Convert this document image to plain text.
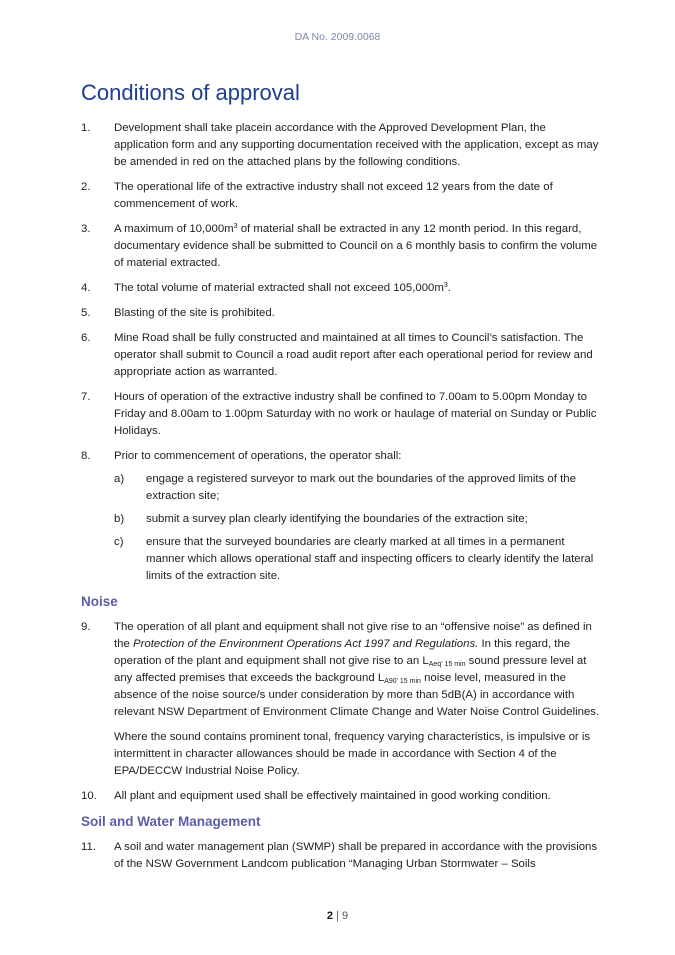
DA No. 2009.0068
Conditions of approval
1.	Development shall take placein accordance with the Approved Development Plan, the application form and any supporting documentation received with the application, except as may be amended in red on the attached plans by the following conditions.
2.	The operational life of the extractive industry shall not exceed 12 years from the date of commencement of work.
3.	A maximum of $10,000m^3$ of material shall be extracted in any 12 month period. In this regard, documentary evidence shall be submitted to Council on a 6 monthly basis to confirm the volume of material extracted.
4.	The total volume of material extracted shall not exceed $105,000m^3$.
5.	Blasting of the site is prohibited.
6.	Mine Road shall be fully constructed and maintained at all times to Council’s satisfaction. The operator shall submit to Council a road audit report after each operational period for review and appropriate action as warranted.
7.	Hours of operation of the extractive industry shall be confined to 7.00am to 5.00pm Monday to Friday and 8.00am to 1.00pm Saturday with no work or haulage of material on Sunday or Public Holidays.
8.	Prior to commencement of operations, the operator shall:
a)	engage a registered surveyor to mark out the boundaries of the approved limits of the extraction site;
b)	submit a survey plan clearly identifying the boundaries of the extraction site;
c)	ensure that the surveyed boundaries are clearly marked at all times in a permanent manner which allows operational staff and inspecting officers to clearly identify the lateral limits of the extraction site.
Noise
9.	The operation of all plant and equipment shall not give rise to an “offensive noise” as defined in the Protection of the Environment Operations Act 1997 and Regulations. In this regard, the operation of the plant and equipment shall not give rise to an $L_{Aeq' 15 min}$ sound pressure level at any affected premises that exceeds the background $L_{A90' 15 min}$ noise level, measured in the absence of the noise source/s under consideration by more than 5dB(A) in accordance with relevant NSW Department of Environment Climate Change and Water Noise Control Guidelines.
Where the sound contains prominent tonal, frequency varying characteristics, is impulsive or is intermittent in character allowances should be made in accordance with Section 4 of the EPA/DECCW Industrial Noise Policy.
10.	All plant and equipment used shall be effectively maintained in good working condition.
Soil and Water Management
11.	A soil and water management plan (SWMP) shall be prepared in accordance with the provisions of the NSW Government Landcom publication “Managing Urban Stormwater – Soils
2 | 9
